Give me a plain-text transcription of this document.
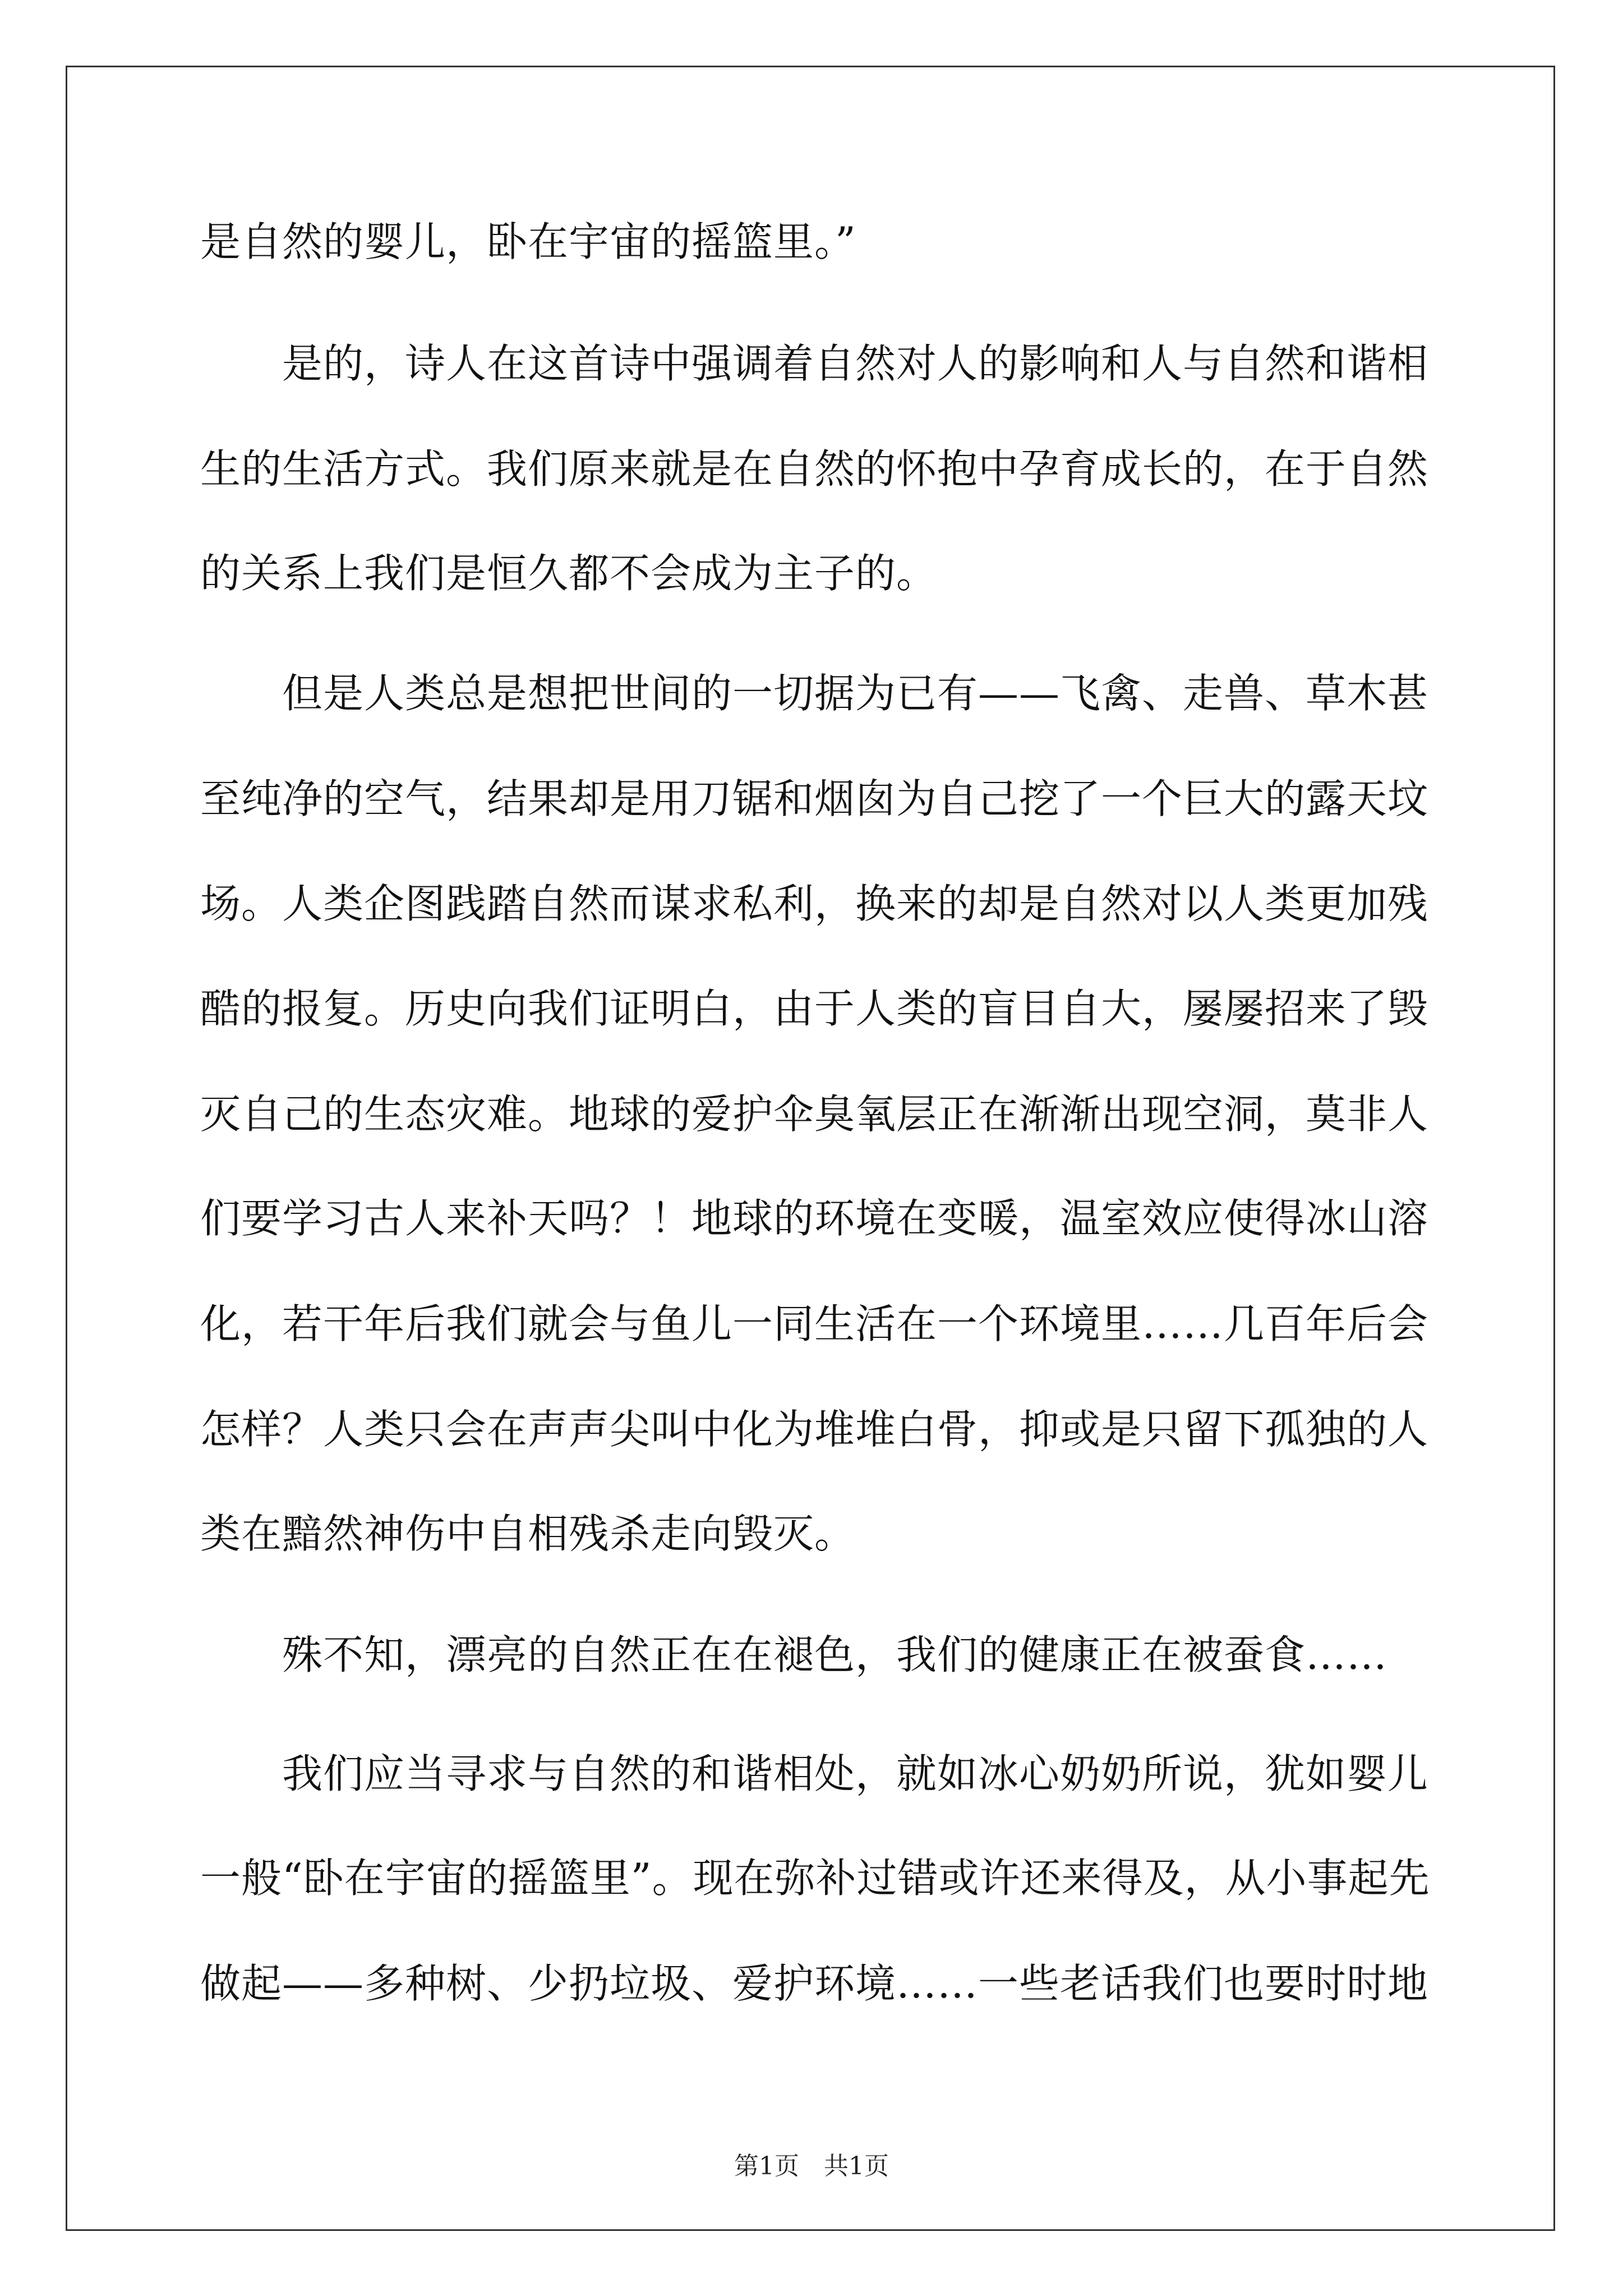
是自然的婴儿，卧在宇宙的摇篮里。”
是的，诗人在这首诗中强调着自然对人的影响和人与自然和谐相
生的生活方式。我们原来就是在自然的怀抱中孕育成长的，在于自然
的关系上我们是恒久都不会成为主子的。
但是人类总是想把世间的一切据为已有——飞禽、走兽、草木甚
至纯净的空气，结果却是用刀锯和烟囱为自己挖了一个巨大的露天坟
场。人类企图践踏自然而谋求私利，换来的却是自然对以人类更加残
酷的报复。历史向我们证明白，由于人类的盲目自大，屡屡招来了毁
灭自己的生态灾难。地球的爱护伞臭氧层正在渐渐出现空洞，莫非人
们要学习古人来补天吗？！地球的环境在变暖，温室效应使得冰山溶
化，若干年后我们就会与鱼儿一同生活在一个环境里……几百年后会
怎样？人类只会在声声尖叫中化为堆堆白骨，抑或是只留下孤独的人
类在黯然神伤中自相残杀走向毁灭。
殊不知，漂亮的自然正在在褪色，我们的健康正在被蚕食……
我们应当寻求与自然的和谐相处，就如冰心奶奶所说，犹如婴儿
一般“卧在宇宙的摇篮里”。现在弥补过错或许还来得及，从小事起先
做起——多种树、少扔垃圾、爱护环境……一些老话我们也要时时地
第1页　共1页
